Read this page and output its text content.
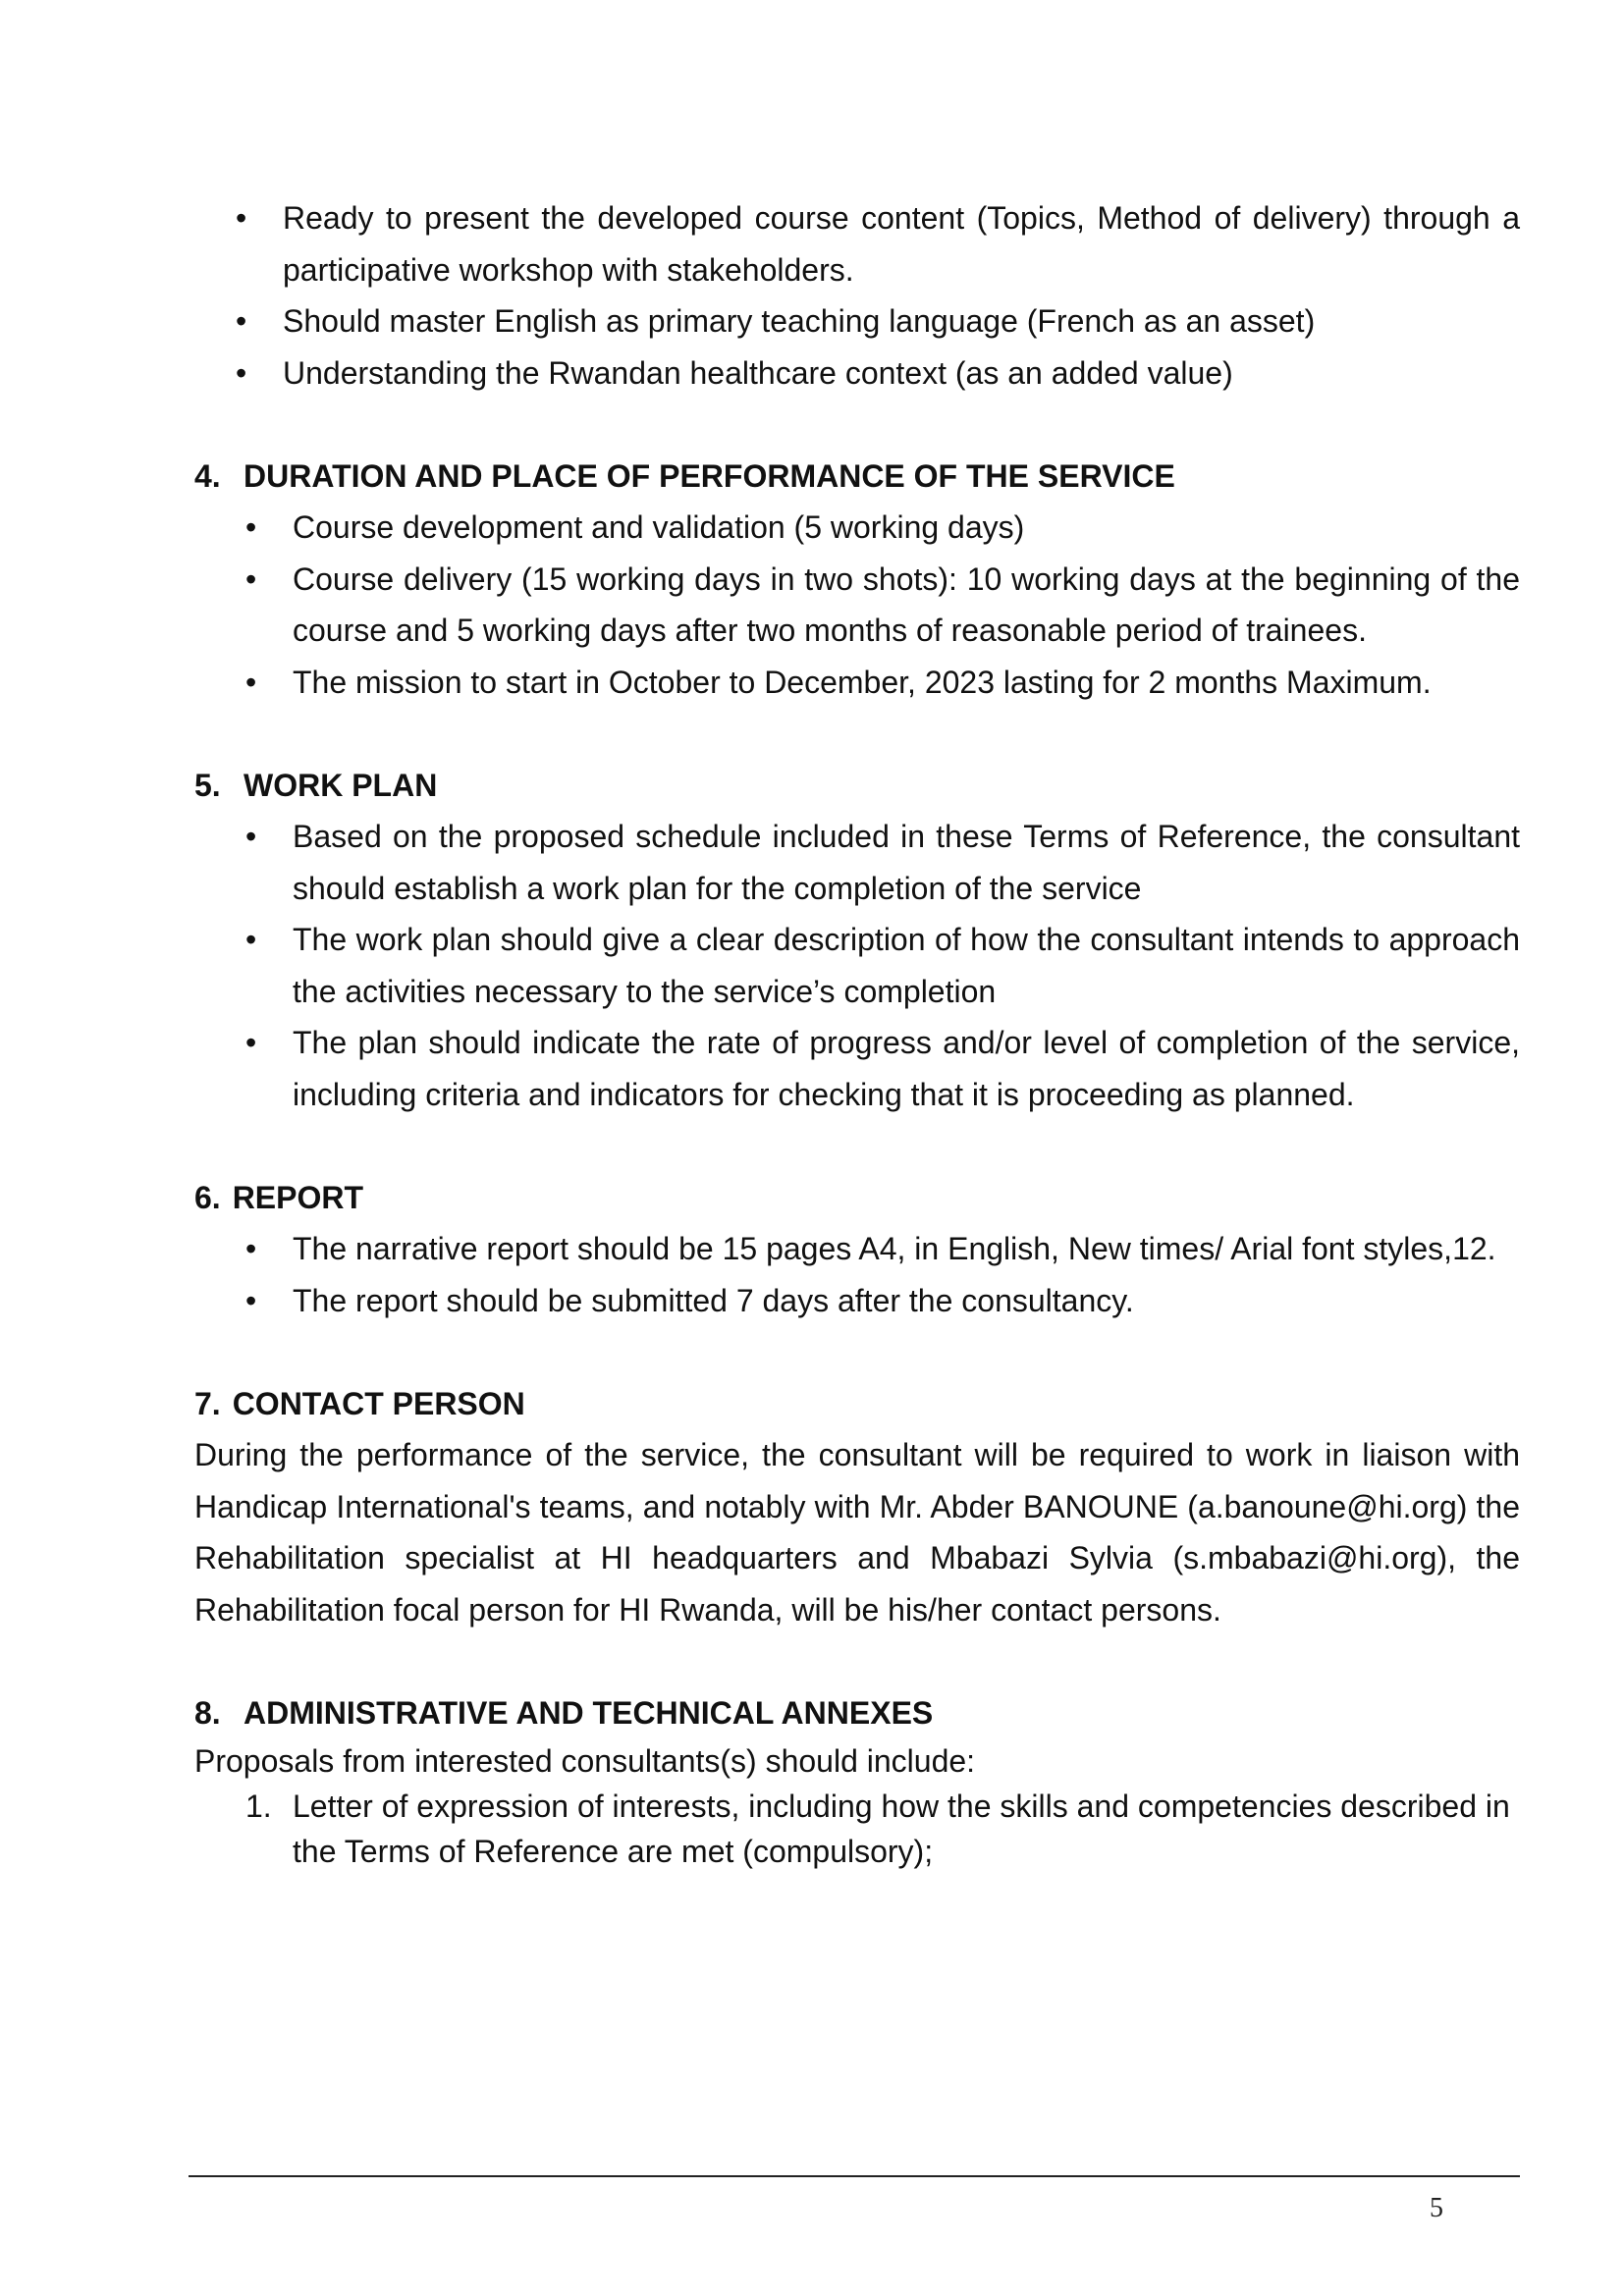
• Ready to present the developed course content (Topics, Method of delivery) through a participative workshop with stakeholders.
• Should master English as primary teaching language (French as an asset)
• Understanding the Rwandan healthcare context (as an added value)
4. DURATION AND PLACE OF PERFORMANCE OF THE SERVICE
• Course development and validation (5 working days)
• Course delivery (15 working days in two shots): 10 working days at the beginning of the course and 5 working days after two months of reasonable period of trainees.
• The mission to start in October to December, 2023 lasting for 2 months Maximum.
5. WORK PLAN
• Based on the proposed schedule included in these Terms of Reference, the consultant should establish a work plan for the completion of the service
• The work plan should give a clear description of how the consultant intends to approach the activities necessary to the service’s completion
• The plan should indicate the rate of progress and/or level of completion of the service, including criteria and indicators for checking that it is proceeding as planned.
6. REPORT
• The narrative report should be 15 pages A4, in English, New times/ Arial font styles,12.
• The report should be submitted 7 days after the consultancy.
7. CONTACT PERSON

During the performance of the service, the consultant will be required to work in liaison with Handicap International's teams, and notably with Mr. Abder BANOUNE (a.banoune@hi.org) the Rehabilitation specialist at HI headquarters and Mbabazi Sylvia (s.mbabazi@hi.org), the Rehabilitation focal person for HI Rwanda, will be his/her contact persons.

8. ADMINISTRATIVE AND TECHNICAL ANNEXES

Proposals from interested consultants(s) should include:

1. Letter of expression of interests, including how the skills and competencies described in the Terms of Reference are met (compulsory);
5
